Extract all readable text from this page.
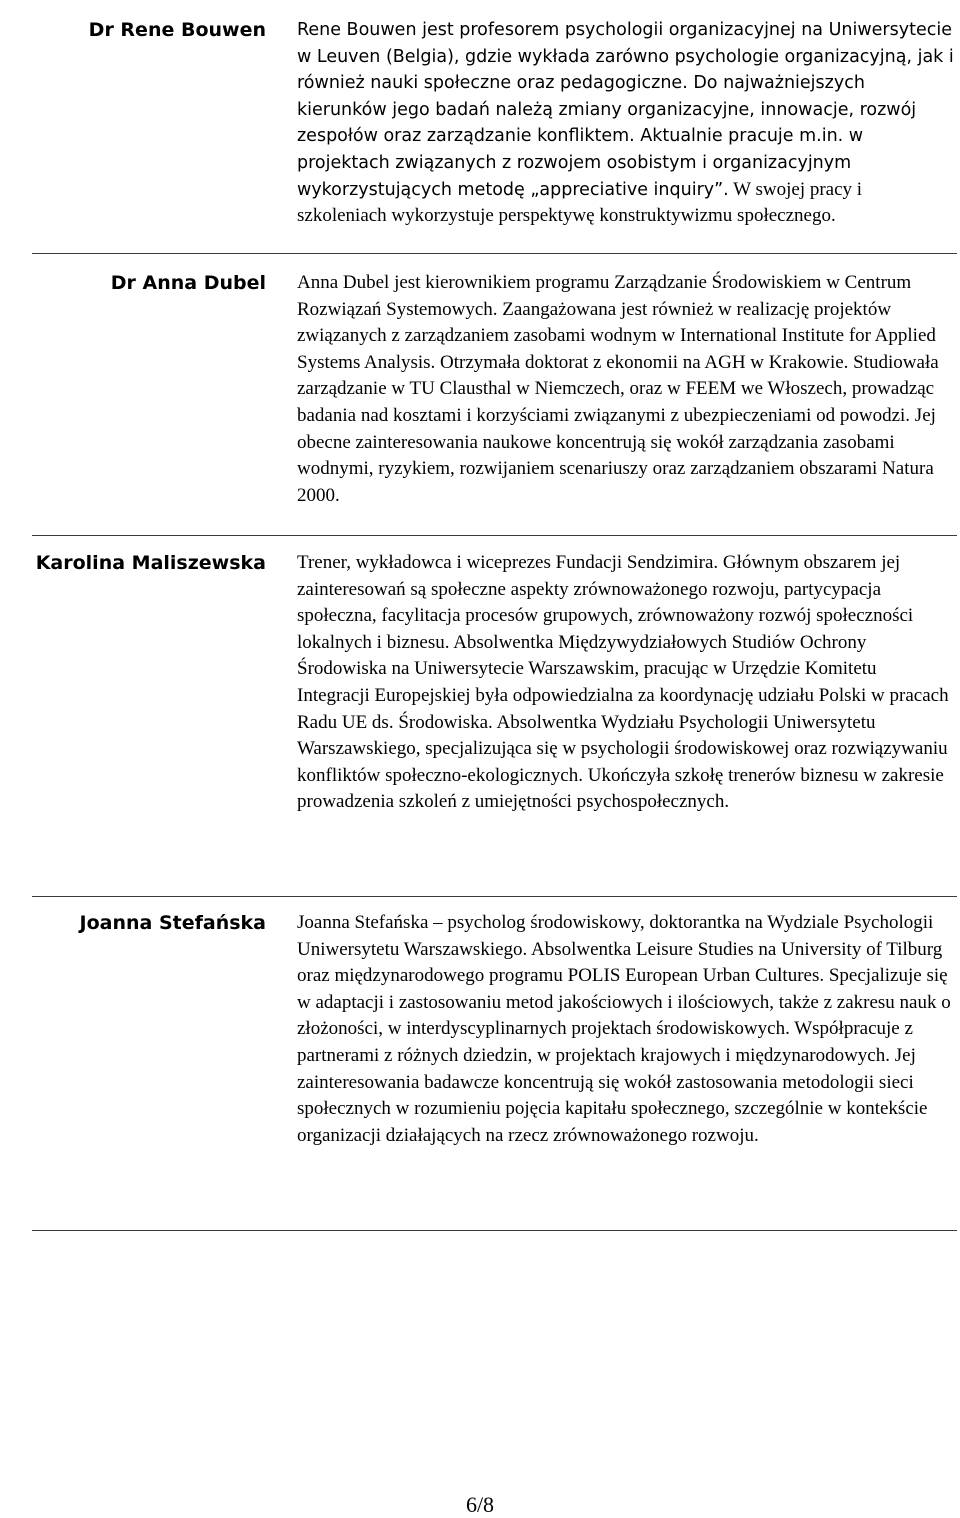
Dr Rene Bouwen Rene Bouwen jest profesorem psychologii organizacyjnej na Uniwersytecie w Leuven (Belgia), gdzie wykłada zarówno psychologie organizacyjną, jak i również nauki społeczne oraz pedagogiczne. Do najważniejszych kierunków jego badań należą zmiany organizacyjne, innowacje, rozwój zespołów oraz zarządzanie konfliktem. Aktualnie pracuje m.in. w projektach związanych z rozwojem osobistym i organizacyjnym wykorzystujących metodę „appreciative inquiry”. W swojej pracy i szkoleniach wykorzystuje perspektywę konstruktywizmu społecznego.

Dr Anna Dubel Anna Dubel jest kierownikiem programu Zarządzanie Środowiskiem w Centrum Rozwiązań Systemowych. Zaangażowana jest również w realizację projektów związanych z zarządzaniem zasobami wodnym w International Institute for Applied Systems Analysis. Otrzymała doktorat z ekonomii na AGH w Krakowie. Studiowała zarządzanie w TU Clausthal w Niemczech, oraz w FEEM we Włoszech, prowadząc badania nad kosztami i korzyściami związanymi z ubezpieczeniami od powodzi. Jej obecne zainteresowania naukowe koncentrują się wokół zarządzania zasobami wodnymi, ryzykiem, rozwijaniem scenariuszy oraz zarządzaniem obszarami Natura 2000.

Karolina Maliszewska Trener, wykładowca i wiceprezes Fundacji Sendzimira. Głównym obszarem jej zainteresowań są społeczne aspekty zrównoważonego rozwoju, partycypacja społeczna, facylitacja procesów grupowych, zrównoważony rozwój społeczności lokalnych i biznesu. Absolwentka Międzywydziałowych Studiów Ochrony Środowiska na Uniwersytecie Warszawskim, pracując w Urzędzie Komitetu Integracji Europejskiej była odpowiedzialna za koordynację udziału Polski w pracach Radu UE ds. Środowiska. Absolwentka Wydziału Psychologii Uniwersytetu Warszawskiego, specjalizująca się w psychologii środowiskowej oraz rozwiązywaniu konfliktów społeczno-ekologicznych. Ukończyła szkołę trenerów biznesu w zakresie prowadzenia szkoleń z umiejętności psychospołecznych.

Joanna Stefańska Joanna Stefańska – psycholog środowiskowy, doktorantka na Wydziale Psychologii Uniwersytetu Warszawskiego. Absolwentka Leisure Studies na University of Tilburg oraz międzynarodowego programu POLIS European Urban Cultures. Specjalizuje się w adaptacji i zastosowaniu metod jakościowych i ilościowych, także z zakresu nauk o złożoności, w interdyscyplinarnych projektach środowiskowych. Współpracuje z partnerami z różnych dziedzin, w projektach krajowych i międzynarodowych. Jej zainteresowania badawcze koncentrują się wokół zastosowania metodologii sieci społecznych w rozumieniu pojęcia kapitału społecznego, szczególnie w kontekście organizacji działających na rzecz zrównoważonego rozwoju.

6/8
